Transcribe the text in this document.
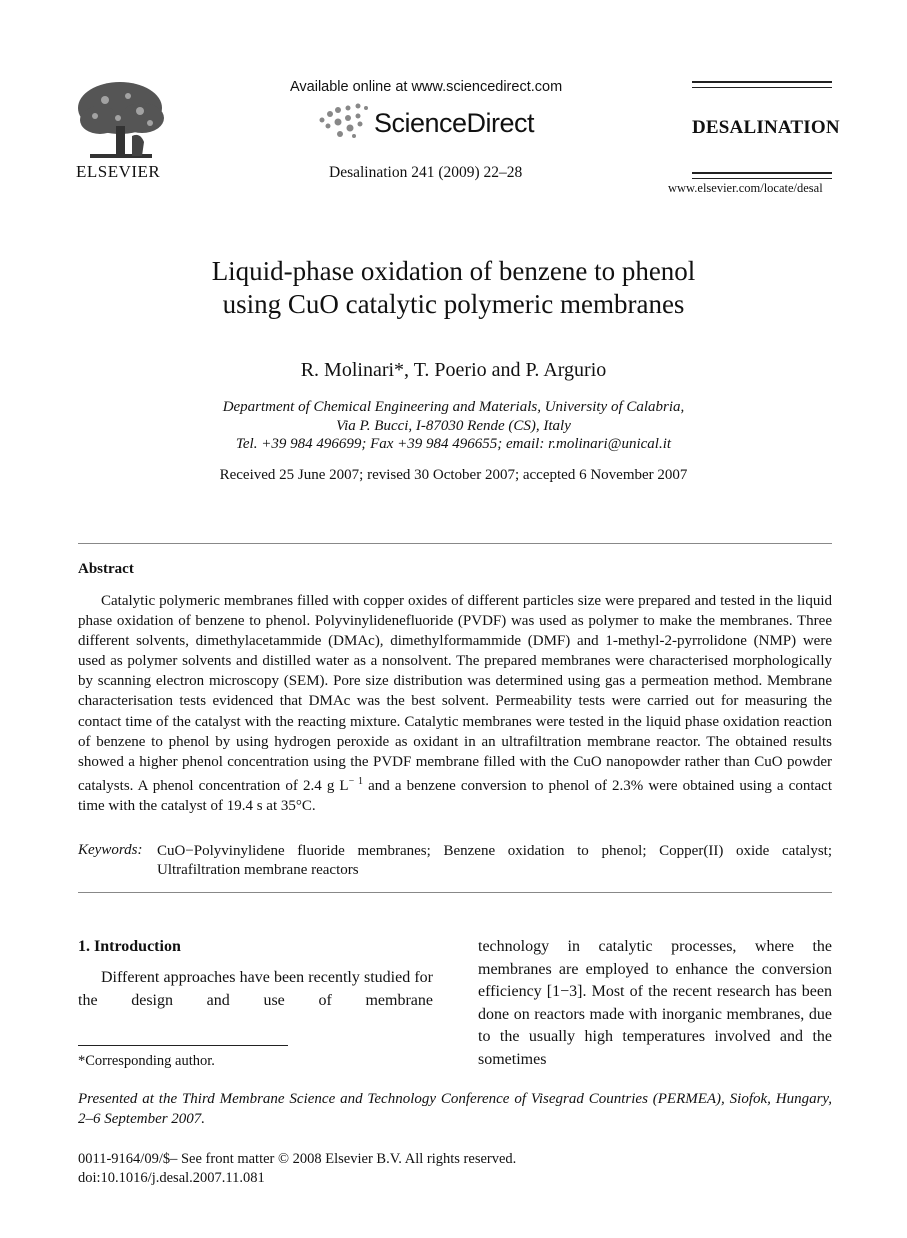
ELSEVIER
Available online at www.sciencedirect.com
ScienceDirect
Desalination 241 (2009) 22–28
DESALINATION
www.elsevier.com/locate/desal
Liquid-phase oxidation of benzene to phenol
using CuO catalytic polymeric membranes
R. Molinari*, T. Poerio and P. Argurio
Department of Chemical Engineering and Materials, University of Calabria,
Via P. Bucci, I-87030 Rende (CS), Italy
Tel. +39 984 496699; Fax +39 984 496655; email: r.molinari@unical.it
Received 25 June 2007; revised 30 October 2007; accepted 6 November 2007
Abstract
Catalytic polymeric membranes filled with copper oxides of different particles size were prepared and tested in the liquid phase oxidation of benzene to phenol. Polyvinylidenefluoride (PVDF) was used as polymer to make the membranes. Three different solvents, dimethylacetammide (DMAc), dimethylformammide (DMF) and 1-methyl-2-pyrrolidone (NMP) were used as polymer solvents and distilled water as a nonsolvent. The prepared membranes were characterised morphologically by scanning electron microscopy (SEM). Pore size distribution was determined using gas a permeation method. Membrane characterisation tests evidenced that DMAc was the best solvent. Permeability tests were carried out for measuring the contact time of the catalyst with the reacting mixture. Catalytic membranes were tested in the liquid phase oxidation reaction of benzene to phenol by using hydrogen peroxide as oxidant in an ultrafiltration membrane reactor. The obtained results showed a higher phenol concentration using the PVDF membrane filled with the CuO nanopowder rather than CuO powder catalysts. A phenol concentration of 2.4 g $L^{- 1}$ and a benzene conversion to phenol of 2.3% were obtained using a contact time with the catalyst of 19.4 s at 35°C.
Keywords: CuO−Polyvinylidene fluoride membranes; Benzene oxidation to phenol; Copper(II) oxide catalyst; Ultrafiltration membrane reactors
1. Introduction
Different approaches have been recently studied for the design and use of membrane
technology in catalytic processes, where the membranes are employed to enhance the conversion efficiency [1−3]. Most of the recent research has been done on reactors made with inorganic membranes, due to the usually high temperatures involved and the sometimes
*Corresponding author.
Presented at the Third Membrane Science and Technology Conference of Visegrad Countries (PERMEA), Siofok, Hungary, 2–6 September 2007.
0011-9164/09/$– See front matter © 2008 Elsevier B.V. All rights reserved.
doi:10.1016/j.desal.2007.11.081
